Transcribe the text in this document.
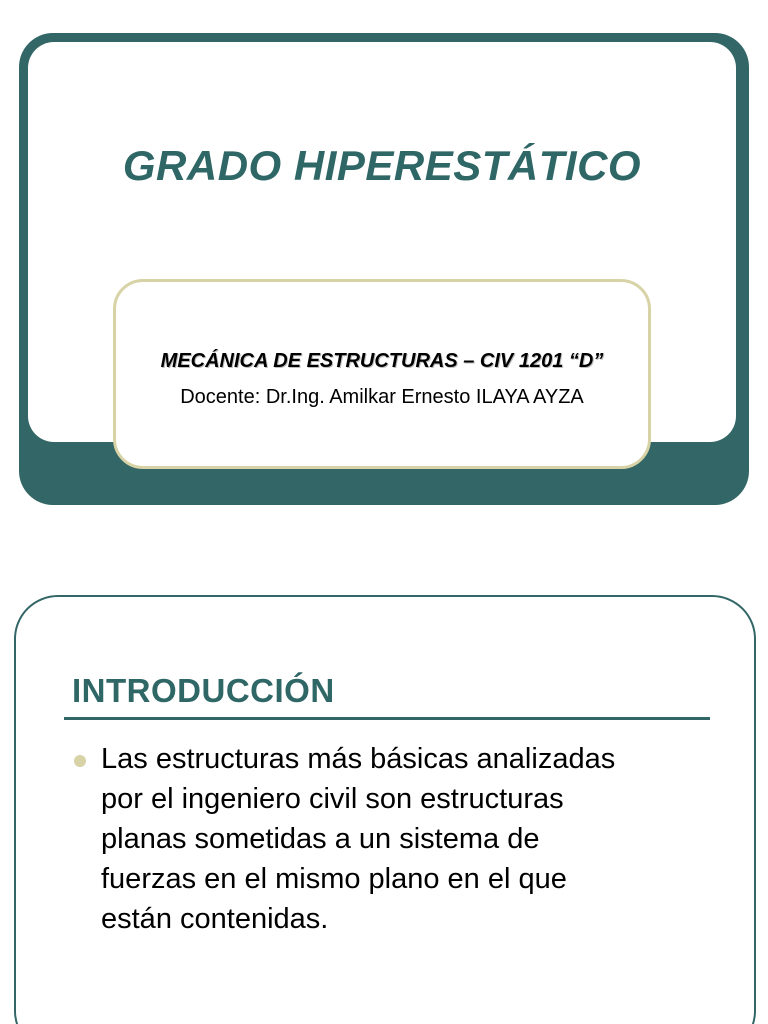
GRADO HIPERESTÁTICO

MECÁNICA DE ESTRUCTURAS – CIV 1201 “D”

Docente: Dr.Ing. Amilkar Ernesto ILAYA AYZA

INTRODUCCIÓN

Las estructuras más básicas analizadas
por el ingeniero civil son estructuras
planas sometidas a un sistema de
fuerzas en el mismo plano en el que
están contenidas.
